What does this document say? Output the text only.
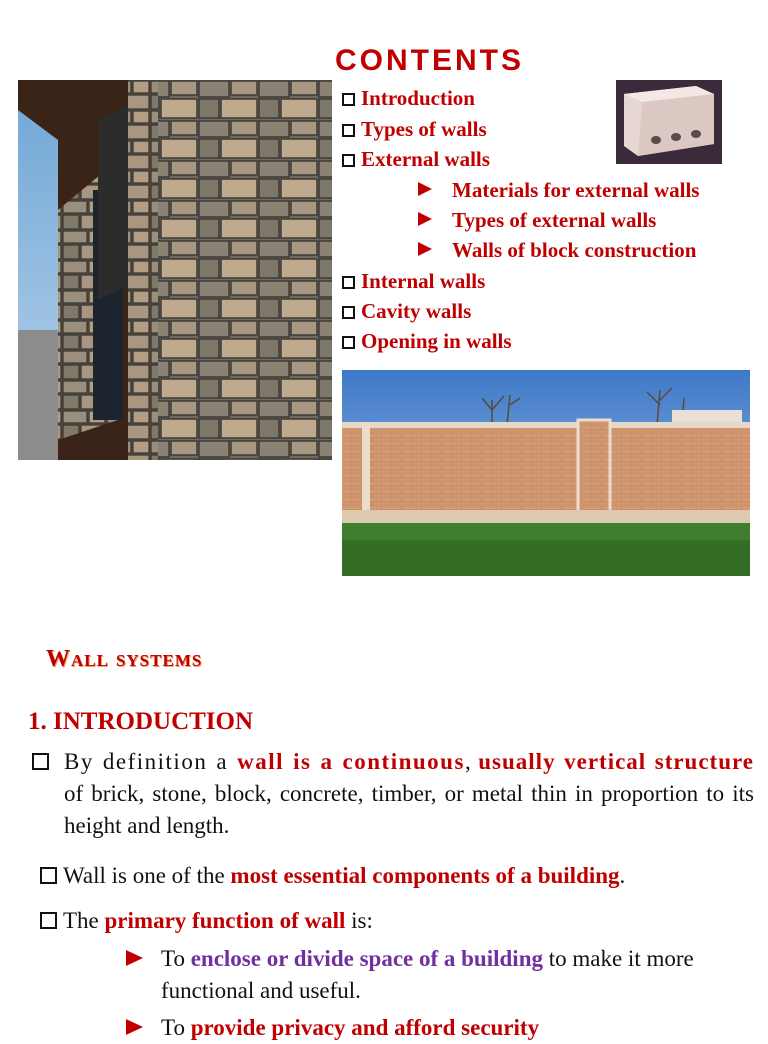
CONTENTS
Introduction
Types of walls
External walls
Materials for external walls
Types of external walls
Walls of block construction
Internal walls
Cavity walls
Opening in walls
Wall systems
1. INTRODUCTION
By definition a wall is a continuous, usually vertical structure of brick, stone, block, concrete, timber, or metal thin in proportion to its height and length.
Wall is one of the most essential components of a building.
The primary function of wall is:
To enclose or divide space of a building to make it more functional and useful.
To provide privacy and afford security
